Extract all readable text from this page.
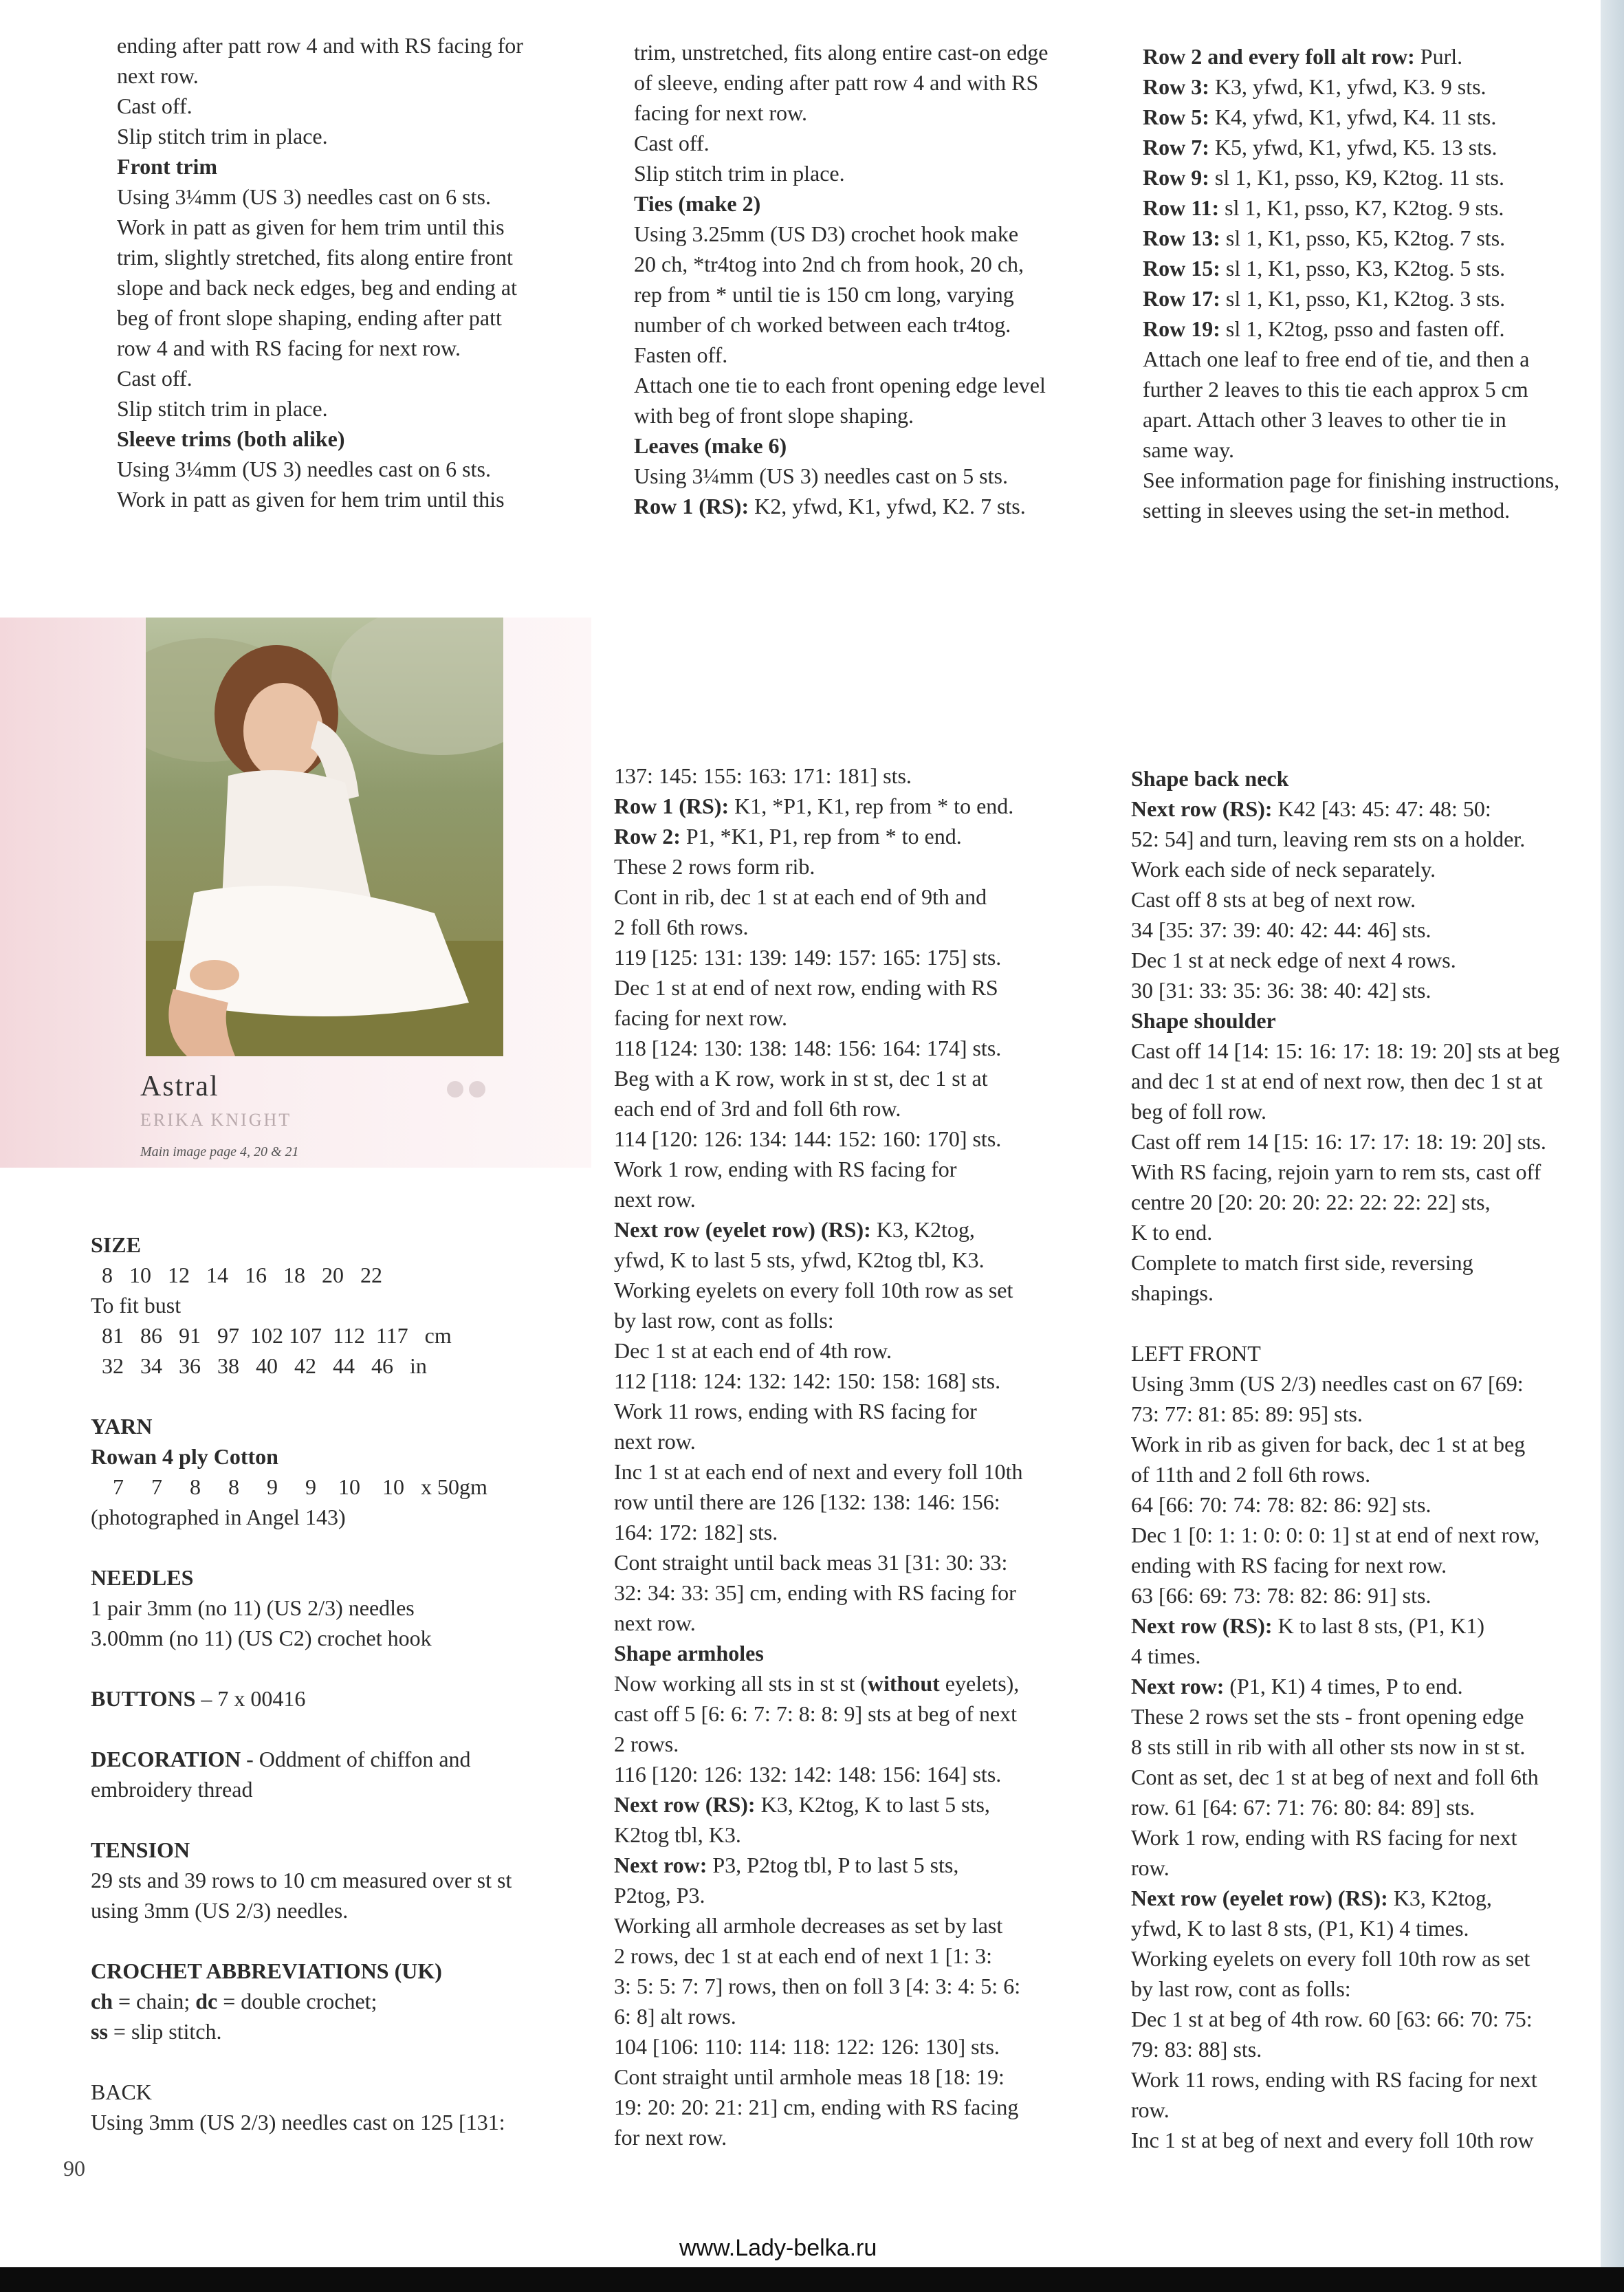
ending after patt row 4 and with RS facing for
next row.
Cast off.
Slip stitch trim in place.
Front trim
Using 3¼mm (US 3) needles cast on 6 sts.
Work in patt as given for hem trim until this
trim, slightly stretched, fits along entire front
slope and back neck edges, beg and ending at
beg of front slope shaping, ending after patt
row 4 and with RS facing for next row.
Cast off.
Slip stitch trim in place.
Sleeve trims (both alike)
Using 3¼mm (US 3) needles cast on 6 sts.
Work in patt as given for hem trim until this
trim, unstretched, fits along entire cast-on edge
of sleeve, ending after patt row 4 and with RS
facing for next row.
Cast off.
Slip stitch trim in place.
Ties (make 2)
Using 3.25mm (US D3) crochet hook make
20 ch, *tr4tog into 2nd ch from hook, 20 ch,
rep from * until tie is 150 cm long, varying
number of ch worked between each tr4tog.
Fasten off.
Attach one tie to each front opening edge level
with beg of front slope shaping.
Leaves (make 6)
Using 3¼mm (US 3) needles cast on 5 sts.
Row 1 (RS): K2, yfwd, K1, yfwd, K2. 7 sts.
Row 2 and every foll alt row: Purl.
Row 3: K3, yfwd, K1, yfwd, K3. 9 sts.
Row 5: K4, yfwd, K1, yfwd, K4. 11 sts.
Row 7: K5, yfwd, K1, yfwd, K5. 13 sts.
Row 9: sl 1, K1, psso, K9, K2tog. 11 sts.
Row 11: sl 1, K1, psso, K7, K2tog. 9 sts.
Row 13: sl 1, K1, psso, K5, K2tog. 7 sts.
Row 15: sl 1, K1, psso, K3, K2tog. 5 sts.
Row 17: sl 1, K1, psso, K1, K2tog. 3 sts.
Row 19: sl 1, K2tog, psso and fasten off.
Attach one leaf to free end of tie, and then a
further 2 leaves to this tie each approx 5 cm
apart. Attach other 3 leaves to other tie in
same way.
See information page for finishing instructions,
setting in sleeves using the set-in method.
Astral
ERIKA KNIGHT
Main image page 4, 20 & 21
137: 145: 155: 163: 171: 181] sts.
Row 1 (RS): K1, *P1, K1, rep from * to end.
Row 2: P1, *K1, P1, rep from * to end.
These 2 rows form rib.
Cont in rib, dec 1 st at each end of 9th and
2 foll 6th rows.
119 [125: 131: 139: 149: 157: 165: 175] sts.
Dec 1 st at end of next row, ending with RS
facing for next row.
118 [124: 130: 138: 148: 156: 164: 174] sts.
Beg with a K row, work in st st, dec 1 st at
each end of 3rd and foll 6th row.
114 [120: 126: 134: 144: 152: 160: 170] sts.
Work 1 row, ending with RS facing for
next row.
Next row (eyelet row) (RS): K3, K2tog,
yfwd, K to last 5 sts, yfwd, K2tog tbl, K3.
Working eyelets on every foll 10th row as set
by last row, cont as folls:
Dec 1 st at each end of 4th row.
112 [118: 124: 132: 142: 150: 158: 168] sts.
Work 11 rows, ending with RS facing for
next row.
Inc 1 st at each end of next and every foll 10th
row until there are 126 [132: 138: 146: 156:
164: 172: 182] sts.
Cont straight until back meas 31 [31: 30: 33:
32: 34: 33: 35] cm, ending with RS facing for
next row.
Shape armholes
Now working all sts in st st (without eyelets),
cast off 5 [6: 6: 7: 7: 8: 8: 9] sts at beg of next
2 rows.
116 [120: 126: 132: 142: 148: 156: 164] sts.
Next row (RS): K3, K2tog, K to last 5 sts,
K2tog tbl, K3.
Next row: P3, P2tog tbl, P to last 5 sts,
P2tog, P3.
Working all armhole decreases as set by last
2 rows, dec 1 st at each end of next 1 [1: 3:
3: 5: 5: 7: 7] rows, then on foll 3 [4: 3: 4: 5: 6:
6: 8] alt rows.
104 [106: 110: 114: 118: 122: 126: 130] sts.
Cont straight until armhole meas 18 [18: 19:
19: 20: 20: 21: 21] cm, ending with RS facing
for next row.
Shape back neck
Next row (RS): K42 [43: 45: 47: 48: 50:
52: 54] and turn, leaving rem sts on a holder.
Work each side of neck separately.
Cast off 8 sts at beg of next row.
34 [35: 37: 39: 40: 42: 44: 46] sts.
Dec 1 st at neck edge of next 4 rows.
30 [31: 33: 35: 36: 38: 40: 42] sts.
Shape shoulder
Cast off 14 [14: 15: 16: 17: 18: 19: 20] sts at beg
and dec 1 st at end of next row, then dec 1 st at
beg of foll row.
Cast off rem 14 [15: 16: 17: 17: 18: 19: 20] sts.
With RS facing, rejoin yarn to rem sts, cast off
centre 20 [20: 20: 20: 22: 22: 22: 22] sts,
K to end.
Complete to match first side, reversing
shapings.
LEFT FRONT
Using 3mm (US 2/3) needles cast on 67 [69:
73: 77: 81: 85: 89: 95] sts.
Work in rib as given for back, dec 1 st at beg
of 11th and 2 foll 6th rows.
64 [66: 70: 74: 78: 82: 86: 92] sts.
Dec 1 [0: 1: 1: 0: 0: 0: 1] st at end of next row,
ending with RS facing for next row.
63 [66: 69: 73: 78: 82: 86: 91] sts.
Next row (RS): K to last 8 sts, (P1, K1)
4 times.
Next row: (P1, K1) 4 times, P to end.
These 2 rows set the sts - front opening edge
8 sts still in rib with all other sts now in st st.
Cont as set, dec 1 st at beg of next and foll 6th
row. 61 [64: 67: 71: 76: 80: 84: 89] sts.
Work 1 row, ending with RS facing for next
row.
Next row (eyelet row) (RS): K3, K2tog,
yfwd, K to last 8 sts, (P1, K1) 4 times.
Working eyelets on every foll 10th row as set
by last row, cont as folls:
Dec 1 st at beg of 4th row. 60 [63: 66: 70: 75:
79: 83: 88] sts.
Work 11 rows, ending with RS facing for next
row.
Inc 1 st at beg of next and every foll 10th row
SIZE
8   10   12   14   16   18   20   22
To fit bust
81   86   91   97  102 107  112  117   cm
32   34   36   38   40   42   44   46   in
YARN
Rowan 4 ply Cotton
7     7     8     8     9     9    10    10   x 50gm
(photographed in Angel 143)
NEEDLES
1 pair 3mm (no 11) (US 2/3) needles
3.00mm (no 11) (US C2) crochet hook
BUTTONS – 7 x 00416
DECORATION - Oddment of chiffon and
embroidery thread
TENSION
29 sts and 39 rows to 10 cm measured over st st
using 3mm (US 2/3) needles.
CROCHET ABBREVIATIONS (UK)
ch = chain; dc = double crochet;
ss = slip stitch.
BACK
Using 3mm (US 2/3) needles cast on 125 [131:
90
www.Lady-belka.ru
